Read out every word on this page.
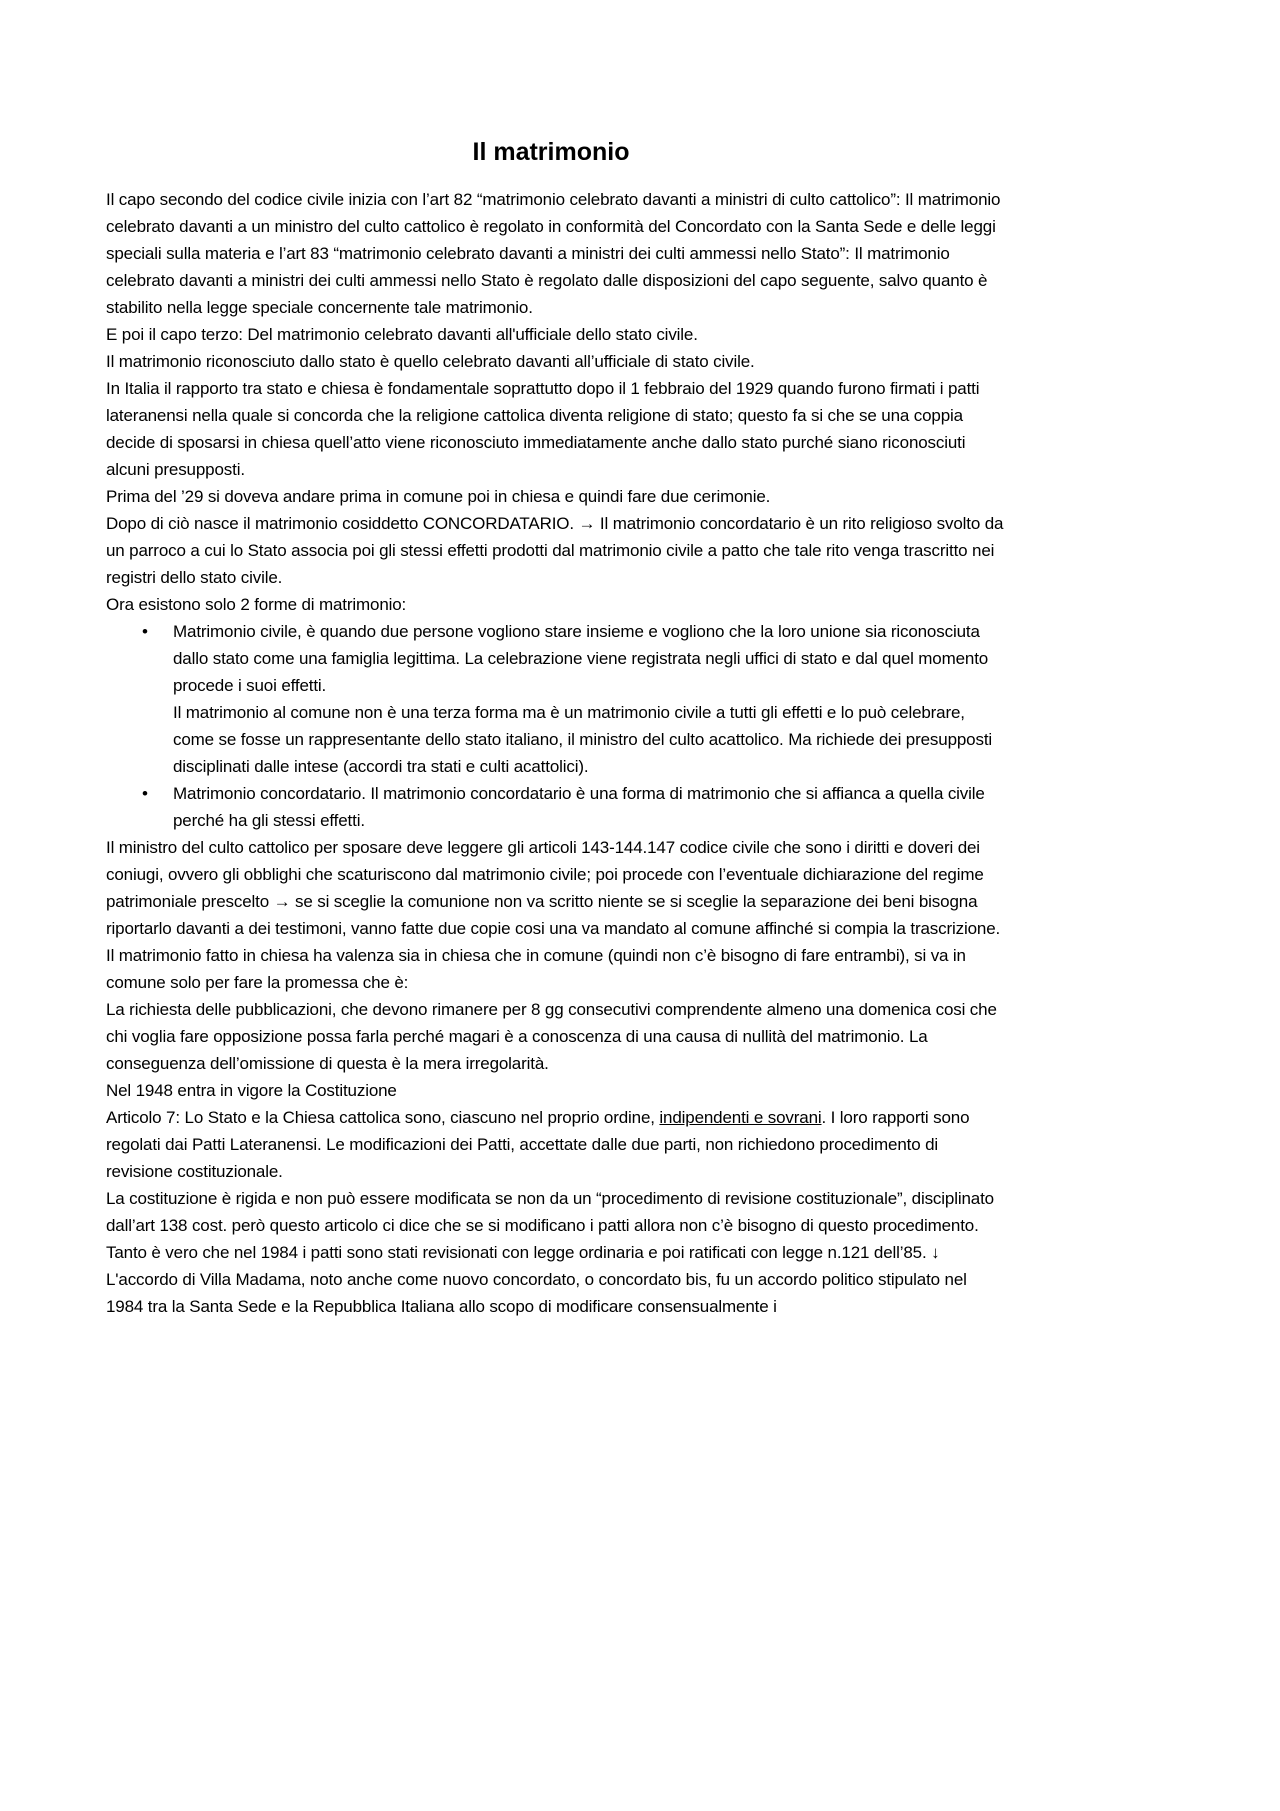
Il matrimonio

Il capo secondo del codice civile inizia con l’art 82 “matrimonio celebrato davanti a ministri di culto cattolico”: Il matrimonio celebrato davanti a un ministro del culto cattolico è regolato in conformità del Concordato con la Santa Sede e delle leggi speciali sulla materia e l’art 83 “matrimonio celebrato davanti a ministri dei culti ammessi nello Stato”: Il matrimonio celebrato davanti a ministri dei culti ammessi nello Stato è regolato dalle disposizioni del capo seguente, salvo quanto è stabilito nella legge speciale concernente tale matrimonio.

E poi il capo terzo: Del matrimonio celebrato davanti all'ufficiale dello stato civile.

Il matrimonio riconosciuto dallo stato è quello celebrato davanti all’ufficiale di stato civile.

In Italia il rapporto tra stato e chiesa è fondamentale soprattutto dopo il 1 febbraio del 1929 quando furono firmati i patti lateranensi nella quale si concorda che la religione cattolica diventa religione di stato; questo fa si che se una coppia decide di sposarsi in chiesa quell’atto viene riconosciuto immediatamente anche dallo stato purché siano riconosciuti alcuni presupposti.

Prima del ’29 si doveva andare prima in comune poi in chiesa e quindi fare due cerimonie.

Dopo di ciò nasce il matrimonio cosiddetto CONCORDATARIO. → Il matrimonio concordatario è un rito religioso svolto da un parroco a cui lo Stato associa poi gli stessi effetti prodotti dal matrimonio civile a patto che tale rito venga trascritto nei registri dello stato civile.

Ora esistono solo 2 forme di matrimonio:

• Matrimonio civile, è quando due persone vogliono stare insieme e vogliono che la loro unione sia riconosciuta dallo stato come una famiglia legittima. La celebrazione viene registrata negli uffici di stato e dal quel momento procede i suoi effetti.

Il matrimonio al comune non è una terza forma ma è un matrimonio civile a tutti gli effetti e lo può celebrare, come se fosse un rappresentante dello stato italiano, il ministro del culto acattolico. Ma richiede dei presupposti disciplinati dalle intese (accordi tra stati e culti acattolici).

• Matrimonio concordatario. Il matrimonio concordatario è una forma di matrimonio che si affianca a quella civile perché ha gli stessi effetti.

Il ministro del culto cattolico per sposare deve leggere gli articoli 143-144.147 codice civile che sono i diritti e doveri dei coniugi, ovvero gli obblighi che scaturiscono dal matrimonio civile; poi procede con l’eventuale dichiarazione del regime patrimoniale prescelto → se si sceglie la comunione non va scritto niente se si sceglie la separazione dei beni bisogna riportarlo davanti a dei testimoni, vanno fatte due copie cosi una va mandato al comune affinché si compia la trascrizione.

Il matrimonio fatto in chiesa ha valenza sia in chiesa che in comune (quindi non c’è bisogno di fare entrambi), si va in comune solo per fare la promessa che è:

La richiesta delle pubblicazioni, che devono rimanere per 8 gg consecutivi comprendente almeno una domenica cosi che chi voglia fare opposizione possa farla perché magari è a conoscenza di una causa di nullità del matrimonio. La conseguenza dell’omissione di questa è la mera irregolarità.

Nel 1948 entra in vigore la Costituzione

Articolo 7: Lo Stato e la Chiesa cattolica sono, ciascuno nel proprio ordine, indipendenti e sovrani. I loro rapporti sono regolati dai Patti Lateranensi. Le modificazioni dei Patti, accettate dalle due parti, non richiedono procedimento di revisione costituzionale.

La costituzione è rigida e non può essere modificata se non da un “procedimento di revisione costituzionale”, disciplinato dall’art 138 cost. però questo articolo ci dice che se si modificano i patti allora non c’è bisogno di questo procedimento.

Tanto è vero che nel 1984 i patti sono stati revisionati con legge ordinaria e poi ratificati con legge n.121 dell’85. ↓

L'accordo di Villa Madama, noto anche come nuovo concordato, o concordato bis, fu un accordo politico stipulato nel 1984 tra la Santa Sede e la Repubblica Italiana allo scopo di modificare consensualmente i
